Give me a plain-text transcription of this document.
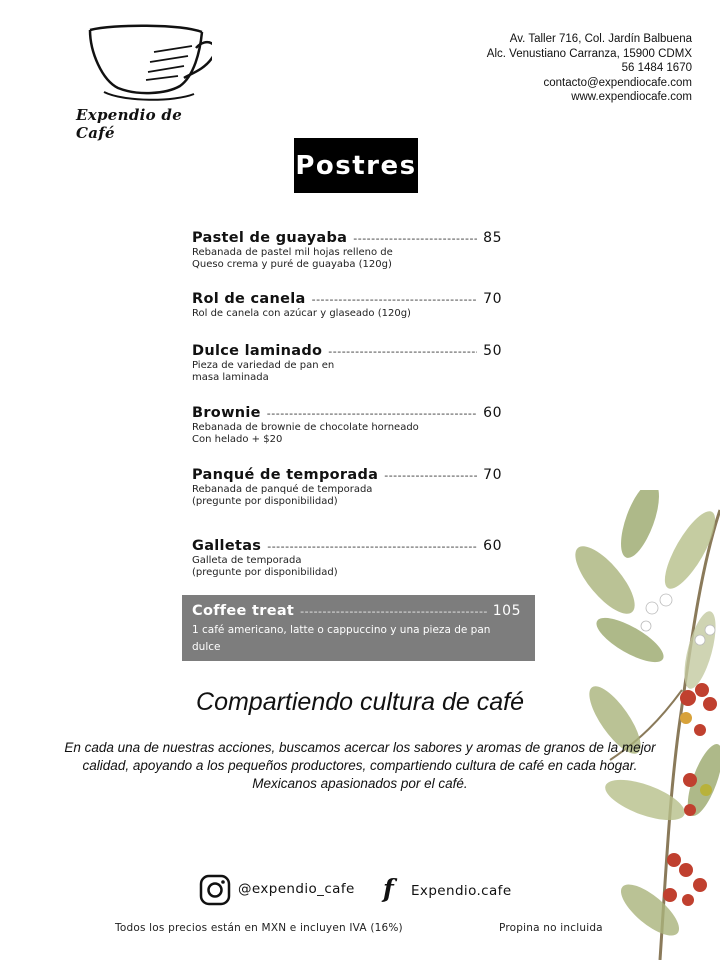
Expendio de Café
Av. Taller 716, Col. Jardín Balbuena
Alc. Venustiano Carranza, 15900 CDMX
56 1484 1670
contacto@expendiocafe.com
www.expendiocafe.com
Postres
Pastel de guayaba -----	85
Rebanada de pastel mil hojas relleno de
Queso crema y puré de guayaba (120g)
Rol de canela -----	70
Rol de canela con azúcar y glaseado (120g)
Dulce laminado -----	50
Pieza de variedad de pan en
masa laminada
Brownie -----	60
Rebanada de brownie de chocolate horneado
Con helado + $20
Panqué de temporada -----	70
Rebanada de panqué de temporada
(pregunte por disponibilidad)
Galletas -----	60
Galleta de temporada
(pregunte por disponibilidad)
Coffee treat -----	105
1 café americano, latte o cappuccino y una pieza de pan dulce
Compartiendo cultura de café
En cada una de nuestras acciones, buscamos acercar los sabores y aromas de granos de la mejor calidad, apoyando a los pequeños productores, compartiendo cultura de café en cada hogar. Mexicanos apasionados por el café.
@expendio_cafe f Expendio.cafe
Todos los precios están en MXN e incluyen IVA (16%)	Propina no incluida
